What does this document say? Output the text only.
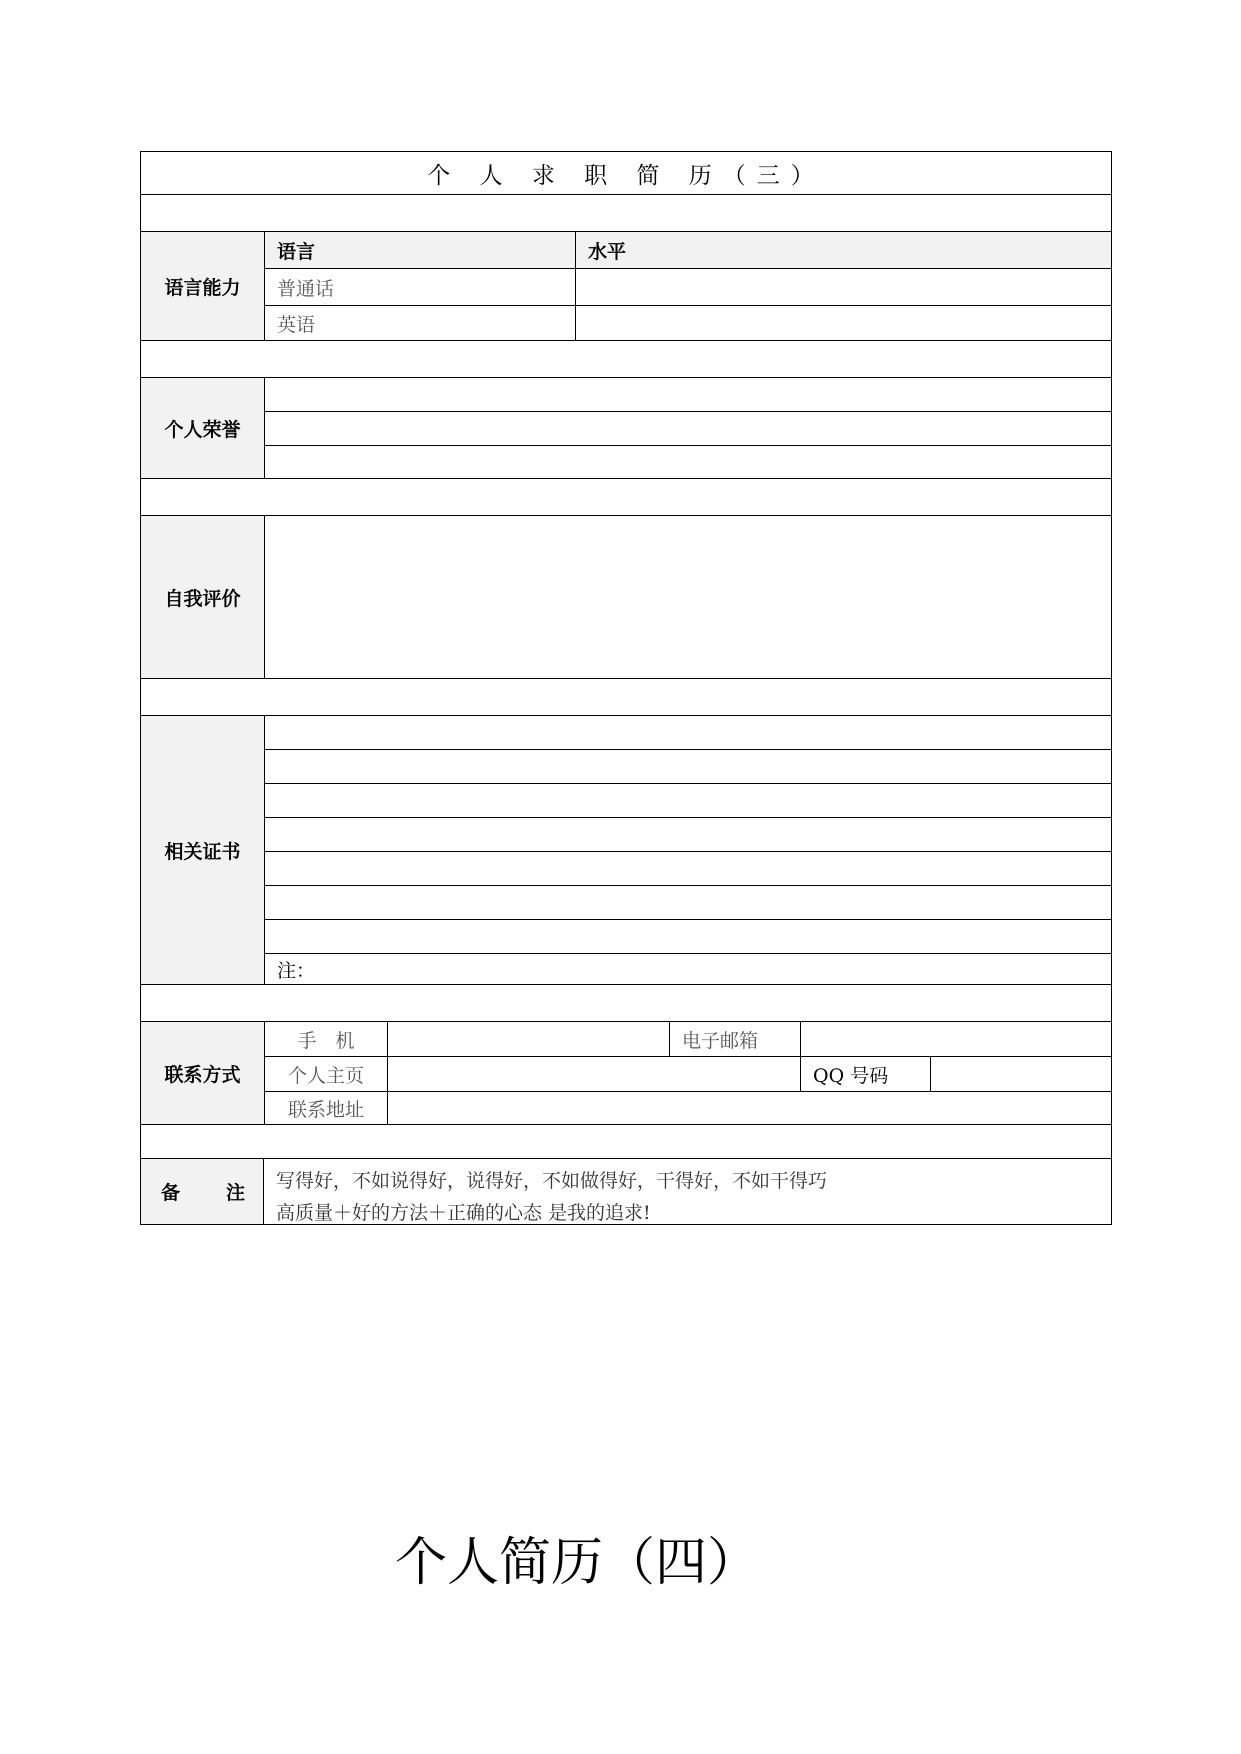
个 人 求 职 简 历（三）
语言能力
语言	水平
普通话
英语
个人荣誉
自我评价
相关证书
注：
联系方式
手　机	电子邮箱
个人主页	QQ 号码
联系地址
备 注
写得好，不如说得好，说得好，不如做得好，干得好，不如干得巧
高质量＋好的方法＋正确的心态 是我的追求!
个人简历（四）
